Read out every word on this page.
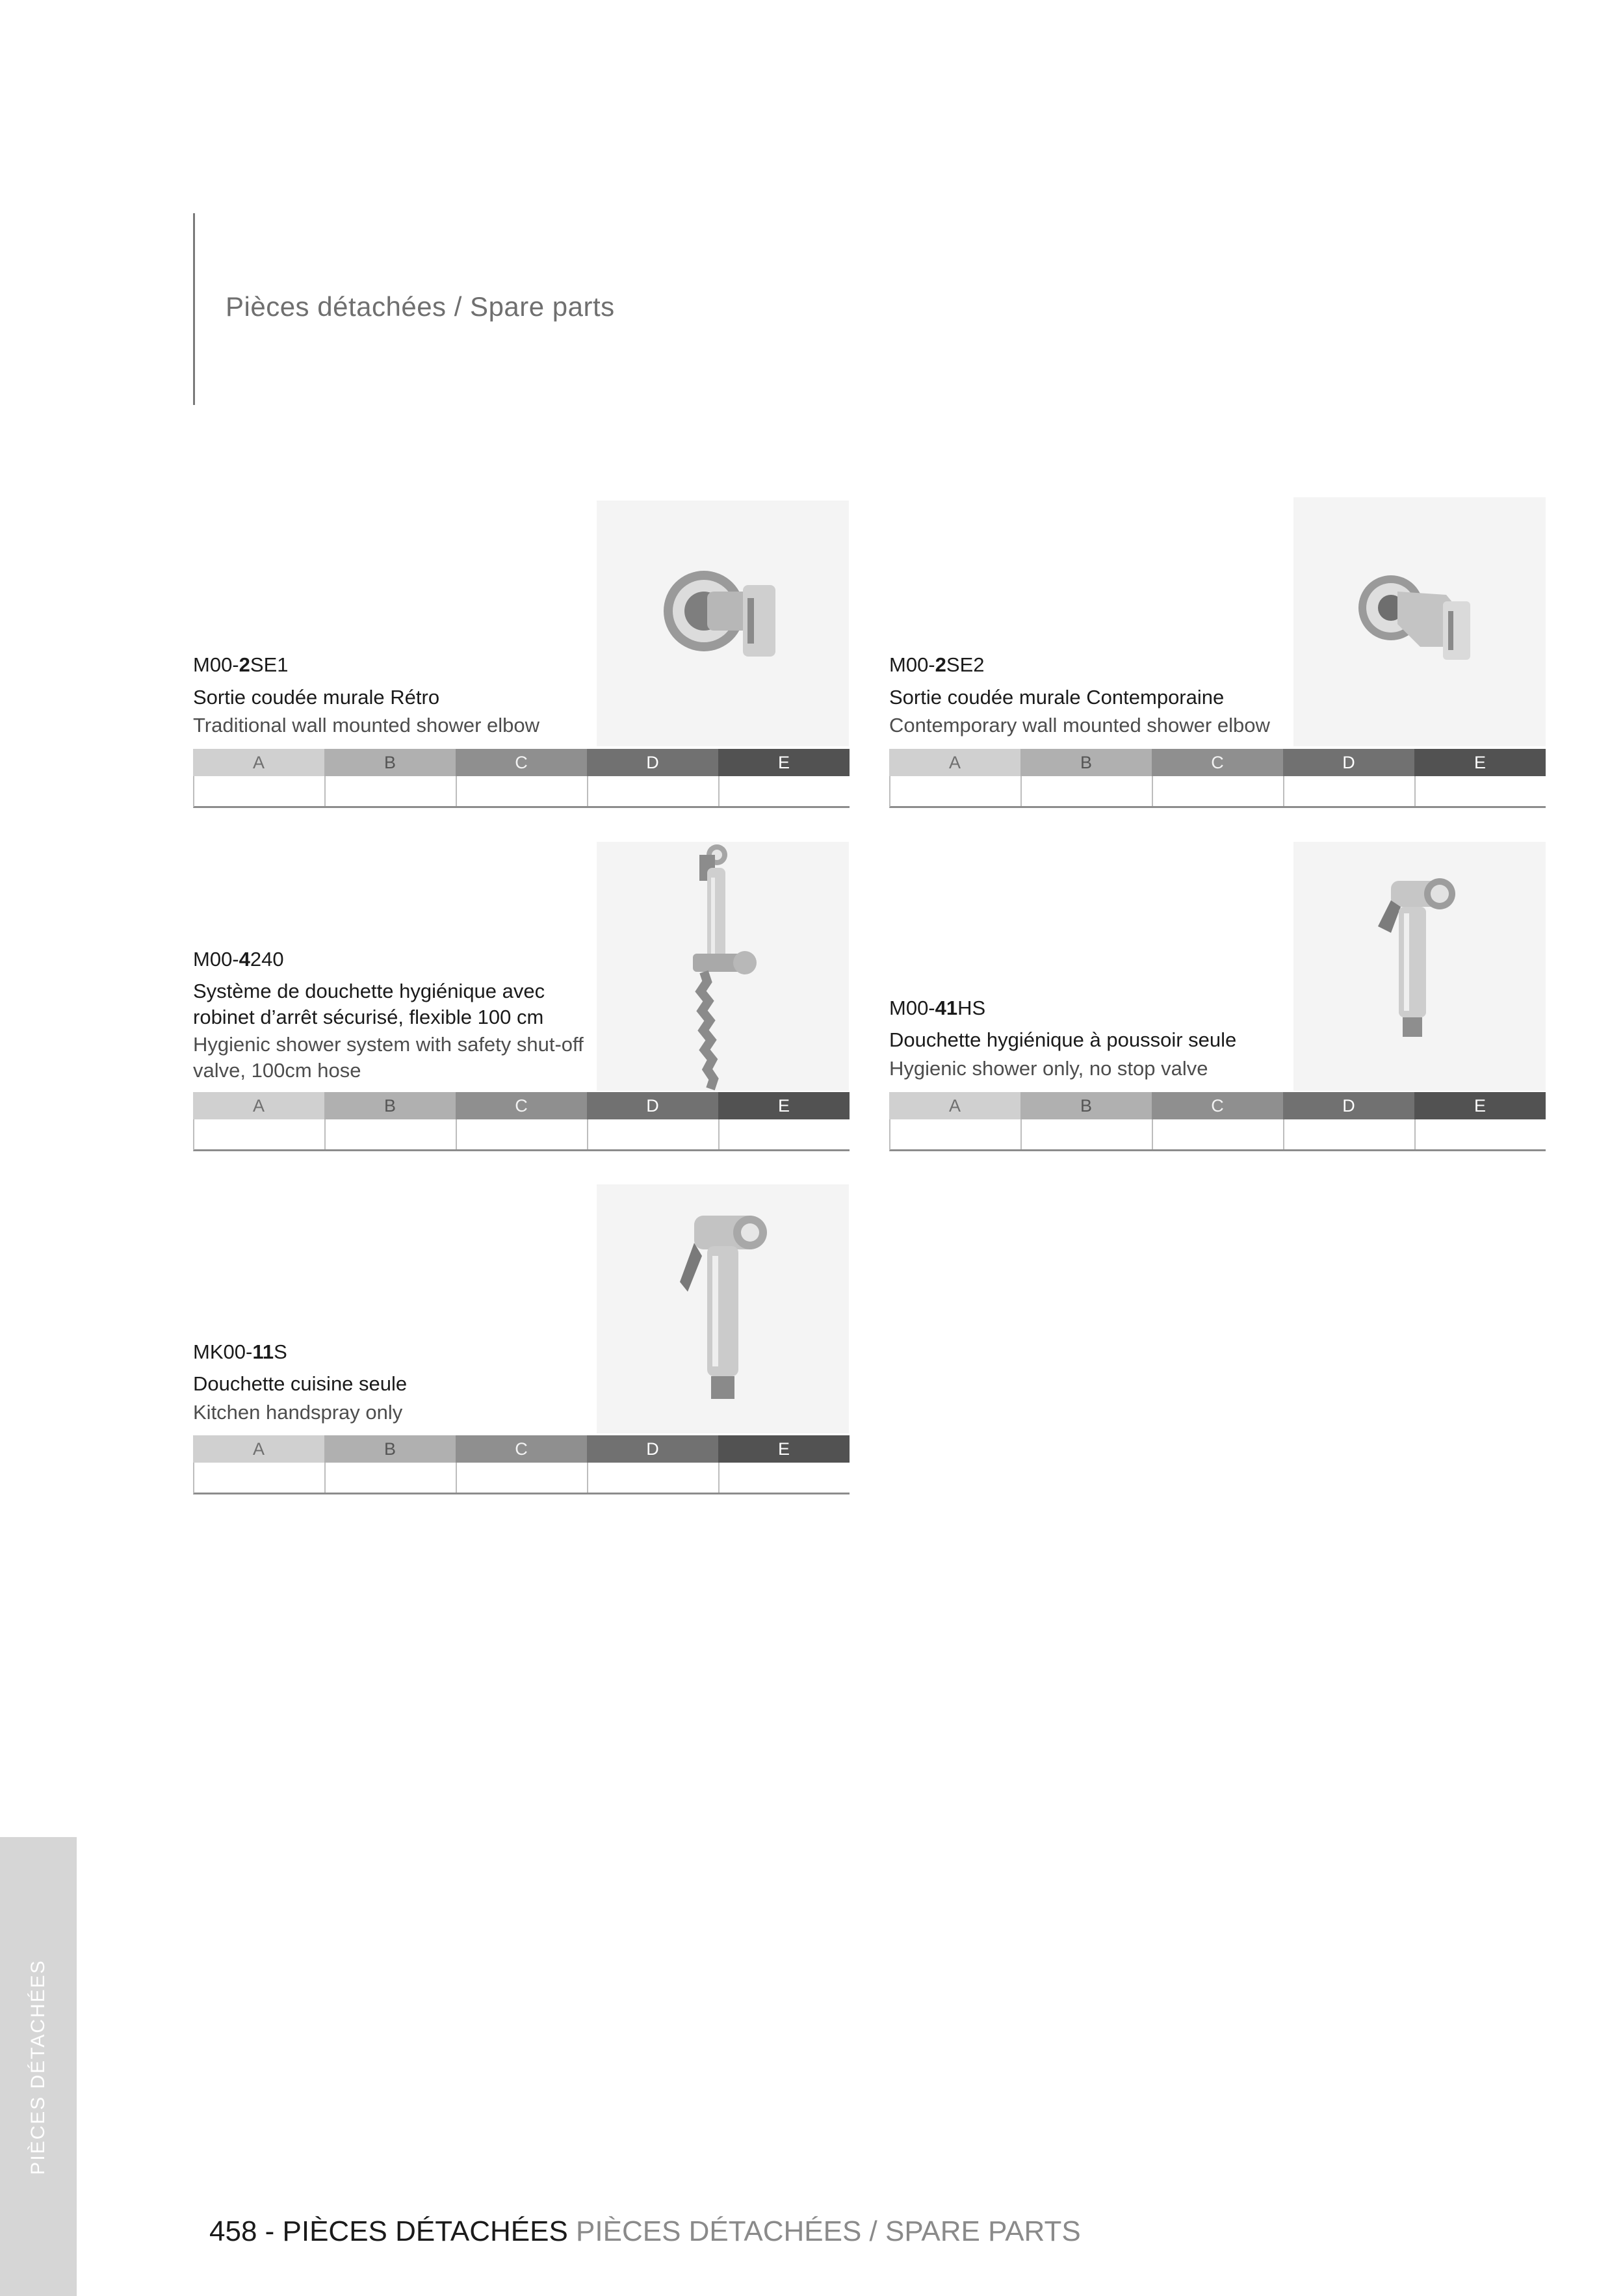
Pièces détachées / Spare parts
M00-2SE1
Sortie coudée murale Rétro
Traditional wall mounted shower elbow
A	B	C	D	E
M00-2SE2
Sortie coudée murale Contemporaine
Contemporary wall mounted shower elbow
A	B	C	D	E
M00-4240
Système de douchette hygiénique avec robinet d’arrêt sécurisé, flexible 100 cm
Hygienic shower system with safety shut-off valve, 100cm hose
A	B	C	D	E
M00-41HS
Douchette hygiénique à poussoir seule
Hygienic shower only, no stop valve
A	B	C	D	E
MK00-11S
Douchette cuisine seule
Kitchen handspray only
A	B	C	D	E
PIÈCES DÉTACHÉES
458 - PIÈCES DÉTACHÉES PIÈCES DÉTACHÉES / SPARE PARTS
